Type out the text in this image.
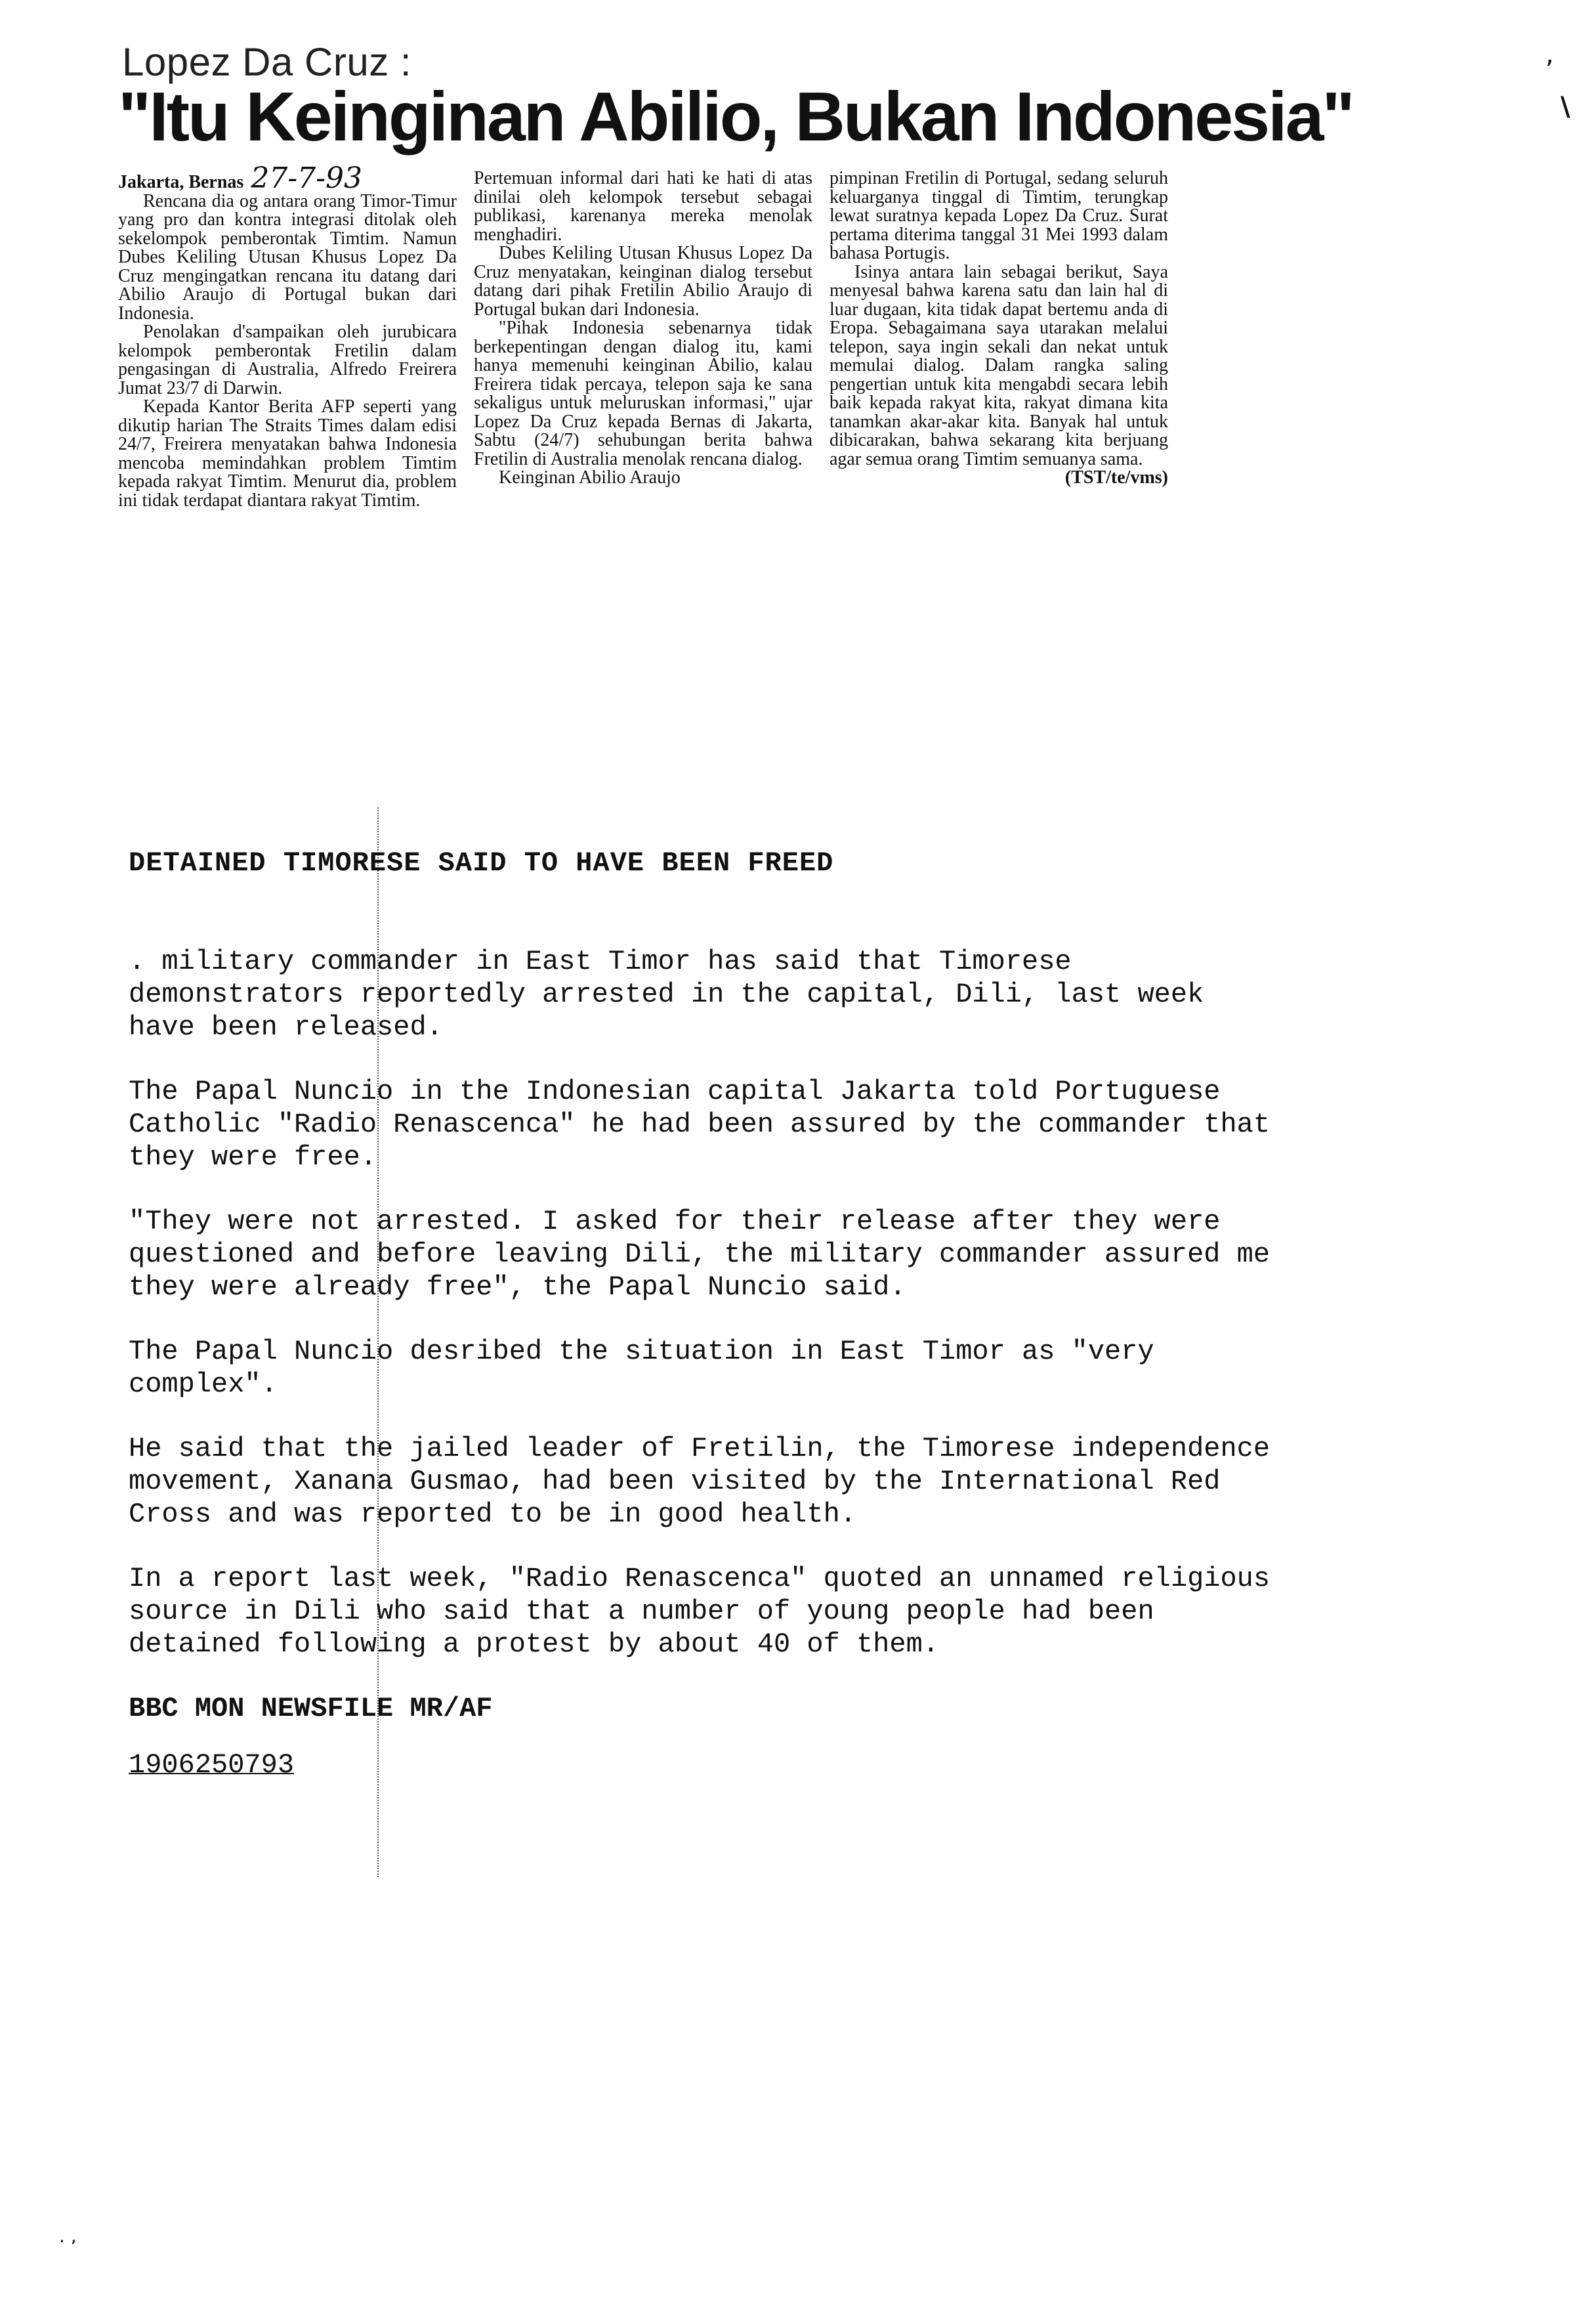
Lopez Da Cruz :
"Itu Keinginan Abilio, Bukan Indonesia"

Jakarta, Bernas 27-7-93

Rencana dia og antara orang Timor-Timur yang pro dan kontra integrasi ditolak oleh sekelompok pemberontak Timtim. Namun Dubes Keliling Utusan Khusus Lopez Da Cruz mengingatkan rencana itu datang dari Abilio Araujo di Portugal bukan dari Indonesia.

Penolakan d'sampaikan oleh jurubicara kelompok pemberontak Fretilin dalam pengasingan di Australia, Alfredo Freirera Jumat 23/7 di Darwin.

Kepada Kantor Berita AFP seperti yang dikutip harian The Straits Times dalam edisi 24/7, Freirera menyatakan bahwa Indonesia mencoba memindahkan problem Timtim kepada rakyat Timtim. Menurut dia, problem ini tidak terdapat diantara rakyat Timtim.

Pertemuan informal dari hati ke hati di atas dinilai oleh kelompok tersebut sebagai publikasi, karenanya mereka menolak menghadiri.

Dubes Keliling Utusan Khusus Lopez Da Cruz menyatakan, keinginan dialog tersebut datang dari pihak Fretilin Abilio Araujo di Portugal bukan dari Indonesia.

"Pihak Indonesia sebenarnya tidak berkepentingan dengan dialog itu, kami hanya memenuhi keinginan Abilio, kalau Freirera tidak percaya, telepon saja ke sana sekaligus untuk meluruskan informasi," ujar Lopez Da Cruz kepada Bernas di Jakarta, Sabtu (24/7) sehubungan berita bahwa Fretilin di Australia menolak rencana dialog.

Keinginan Abilio Araujo

pimpinan Fretilin di Portugal, sedang seluruh keluarganya tinggal di Timtim, terungkap lewat suratnya kepada Lopez Da Cruz. Surat pertama diterima tanggal 31 Mei 1993 dalam bahasa Portugis.

Isinya antara lain sebagai berikut, Saya menyesal bahwa karena satu dan lain hal di luar dugaan, kita tidak dapat bertemu anda di Eropa. Sebagaimana saya utarakan melalui telepon, saya ingin sekali dan nekat untuk memulai dialog. Dalam rangka saling pengertian untuk kita mengabdi secara lebih baik kepada rakyat kita, rakyat dimana kita tanamkan akar-akar kita. Banyak hal untuk dibicarakan, bahwa sekarang kita berjuang agar semua orang Timtim semuanya sama.

(TST/te/vms)

,
\
. ,

DETAINED TIMORESE SAID TO HAVE BEEN FREED

. military commander in East Timor has said that Timorese
demonstrators reportedly arrested in the capital, Dili, last week
have been released.

The Papal Nuncio in the Indonesian capital Jakarta told Portuguese
Catholic "Radio Renascenca" he had been assured by the commander that
they were free.

"They were not arrested. I asked for their release after they were
questioned and before leaving Dili, the military commander assured me
they were already free", the Papal Nuncio said.

The Papal Nuncio desribed the situation in East Timor as "very
complex".

He said that the jailed leader of Fretilin, the Timorese independence
movement, Xanana Gusmao, had been visited by the International Red
Cross and was reported to be in good health.

In a report last week, "Radio Renascenca" quoted an unnamed religious
source in Dili who said that a number of young people had been
detained following a protest by about 40 of them.

BBC MON NEWSFILE MR/AF

1906250793
